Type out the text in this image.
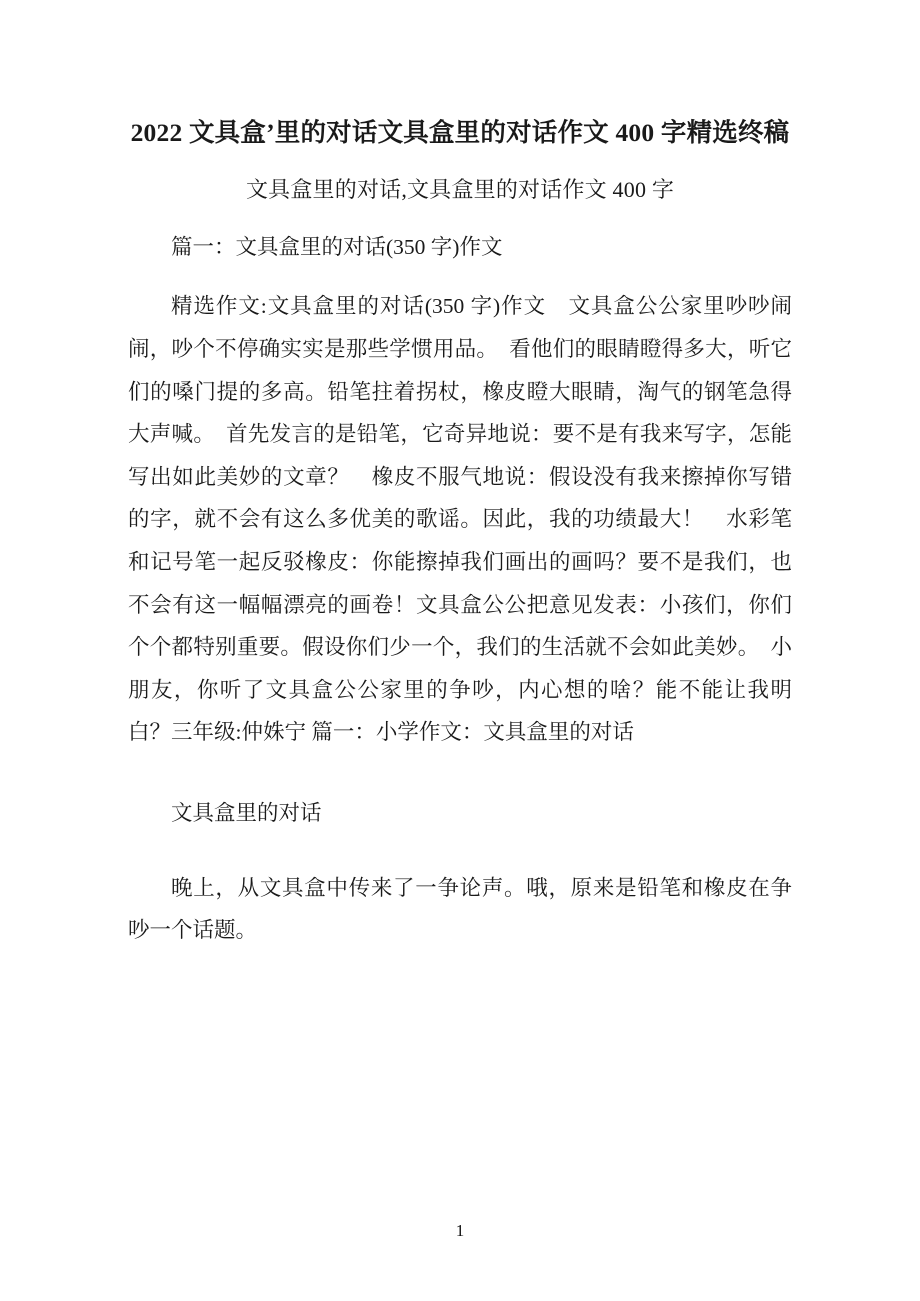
2022 文具盒’里的对话文具盒里的对话作文 400 字精选终稿
文具盒里的对话,文具盒里的对话作文 400 字
篇一：文具盒里的对话(350 字)作文

精选作文:文具盒里的对话(350 字)作文　文具盒公公家里吵吵闹闹，吵个不停确实实是那些学惯用品。　看他们的眼睛瞪得多大，听它们的嗓门提的多高。铅笔拄着拐杖，橡皮瞪大眼睛，淘气的钢笔急得大声喊。　首先发言的是铅笔，它奇异地说：要不是有我来写字，怎能写出如此美妙的文章？　橡皮不服气地说：假设没有我来擦掉你写错的字，就不会有这么多优美的歌谣。因此，我的功绩最大！　水彩笔和记号笔一起反驳橡皮：你能擦掉我们画出的画吗？要不是我们，也不会有这一幅幅漂亮的画卷！文具盒公公把意见发表：小孩们，你们个个都特别重要。假设你们少一个，我们的生活就不会如此美妙。　小朋友，你听了文具盒公公家里的争吵，内心想的啥？能不能让我明白？三年级:仲姝宁 篇一：小学作文：文具盒里的对话

文具盒里的对话

晚上，从文具盒中传来了一争论声。哦，原来是铅笔和橡皮在争吵一个话题。

1
